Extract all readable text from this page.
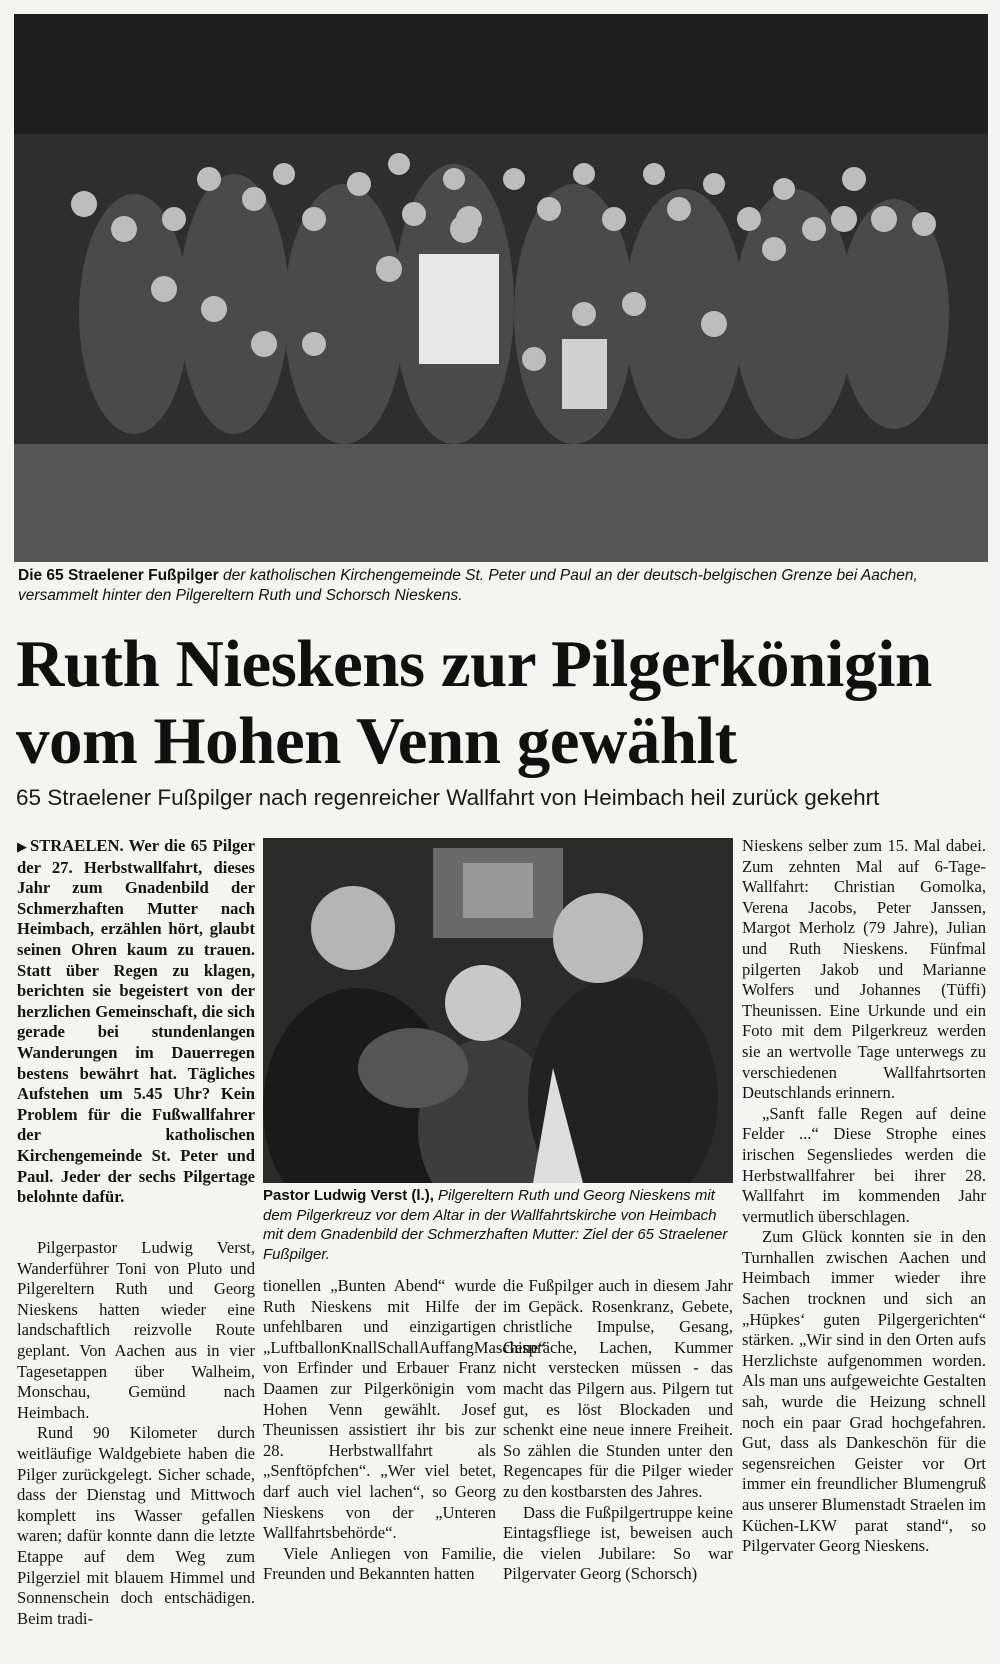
Die 65 Straelener Fußpilger der katholischen Kirchengemeinde St. Peter und Paul an der deutsch-belgischen Grenze bei Aachen, versammelt hinter den Pilgereltern Ruth und Schorsch Nieskens.
Ruth Nieskens zur Pilgerkönigin
vom Hohen Venn gewählt
65 Straelener Fußpilger nach regenreicher Wallfahrt von Heimbach heil zurück gekehrt

▶ STRAELEN. Wer die 65 Pilger der 27. Herbstwallfahrt, dieses Jahr zum Gnadenbild der Schmerzhaften Mutter nach Heimbach, erzählen hört, glaubt seinen Ohren kaum zu trauen. Statt über Regen zu klagen, berichten sie begeistert von der herzlichen Gemeinschaft, die sich gerade bei stundenlangen Wanderungen im Dauerregen bestens bewährt hat. Tägliches Aufstehen um 5.45 Uhr? Kein Problem für die Fußwallfahrer der katholischen Kirchengemeinde St. Peter und Paul. Jeder der sechs Pilgertage belohnte dafür.

Pilgerpastor Ludwig Verst, Wanderführer Toni von Pluto und Pilgereltern Ruth und Georg Nieskens hatten wieder eine landschaftlich reizvolle Route geplant. Von Aachen aus in vier Tagesetappen über Walheim, Monschau, Gemünd nach Heimbach.

Rund 90 Kilometer durch weitläufige Waldgebiete haben die Pilger zurückgelegt. Sicher schade, dass der Dienstag und Mittwoch komplett ins Wasser gefallen waren; dafür konnte dann die letzte Etappe auf dem Weg zum Pilgerziel mit blauem Himmel und Sonnenschein doch entschädigen. Beim tradi-

Pastor Ludwig Verst (l.), Pilgereltern Ruth und Georg Nieskens mit dem Pilgerkreuz vor dem Altar in der Wallfahrtskirche von Heimbach mit dem Gnadenbild der Schmerzhaften Mutter: Ziel der 65 Straelener Fußpilger.

tionellen „Bunten Abend“ wurde Ruth Nieskens mit Hilfe der unfehlbaren und einzigartigen „LuftballonKnallSchallAuffangMaschine“ von Erfinder und Erbauer Franz Daamen zur Pilgerkönigin vom Hohen Venn gewählt. Josef Theunissen assistiert ihr bis zur 28. Herbstwallfahrt als „Senftöpfchen“. „Wer viel betet, darf auch viel lachen“, so Georg Nieskens von der „Unteren Wallfahrtsbehörde“.

Viele Anliegen von Familie, Freunden und Bekannten hatten

die Fußpilger auch in diesem Jahr im Gepäck. Rosenkranz, Gebete, christliche Impulse, Gesang, Gespräche, Lachen, Kummer nicht verstecken müssen - das macht das Pilgern aus. Pilgern tut gut, es löst Blockaden und schenkt eine neue innere Freiheit. So zählen die Stunden unter den Regencapes für die Pilger wieder zu den kostbarsten des Jahres.

Dass die Fußpilgertruppe keine Eintagsfliege ist, beweisen auch die vielen Jubilare: So war Pilgervater Georg (Schorsch)

Nieskens selber zum 15. Mal dabei. Zum zehnten Mal auf 6-Tage-Wallfahrt: Christian Gomolka, Verena Jacobs, Peter Janssen, Margot Merholz (79 Jahre), Julian und Ruth Nieskens. Fünfmal pilgerten Jakob und Marianne Wolfers und Johannes (Tüffi) Theunissen. Eine Urkunde und ein Foto mit dem Pilgerkreuz werden sie an wertvolle Tage unterwegs zu verschiedenen Wallfahrtsorten Deutschlands erinnern.

„Sanft falle Regen auf deine Felder ...“ Diese Strophe eines irischen Segensliedes werden die Herbstwallfahrer bei ihrer 28. Wallfahrt im kommenden Jahr vermutlich überschlagen.

Zum Glück konnten sie in den Turnhallen zwischen Aachen und Heimbach immer wieder ihre Sachen trocknen und sich an „Hüpkes‘ guten Pilgergerichten“ stärken. „Wir sind in den Orten aufs Herzlichste aufgenommen worden. Als man uns aufgeweichte Gestalten sah, wurde die Heizung schnell noch ein paar Grad hochgefahren. Gut, dass als Dankeschön für die segensreichen Geister vor Ort immer ein freundlicher Blumengruß aus unserer Blumenstadt Straelen im Küchen-LKW parat stand“, so Pilgervater Georg Nieskens.
